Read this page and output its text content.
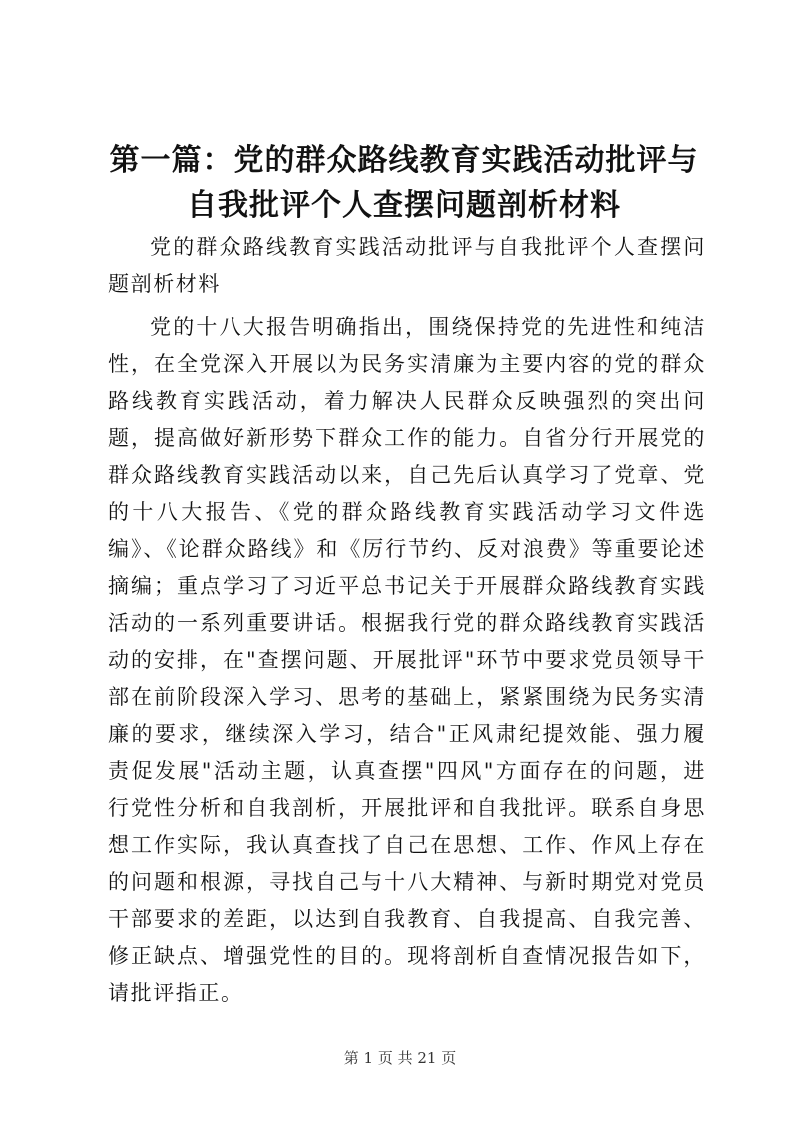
第一篇：党的群众路线教育实践活动批评与自我批评个人查摆问题剖析材料

党的群众路线教育实践活动批评与自我批评个人查摆问题剖析材料

党的十八大报告明确指出，围绕保持党的先进性和纯洁性，在全党深入开展以为民务实清廉为主要内容的党的群众路线教育实践活动，着力解决人民群众反映强烈的突出问题，提高做好新形势下群众工作的能力。自省分行开展党的群众路线教育实践活动以来，自己先后认真学习了党章、党的十八大报告、《党的群众路线教育实践活动学习文件选编》、《论群众路线》和《厉行节约、反对浪费》等重要论述摘编；重点学习了习近平总书记关于开展群众路线教育实践活动的一系列重要讲话。根据我行党的群众路线教育实践活动的安排，在"查摆问题、开展批评"环节中要求党员领导干部在前阶段深入学习、思考的基础上，紧紧围绕为民务实清廉的要求，继续深入学习，结合"正风肃纪提效能、强力履责促发展"活动主题，认真查摆"四风"方面存在的问题，进行党性分析和自我剖析，开展批评和自我批评。联系自身思想工作实际，我认真查找了自己在思想、工作、作风上存在的问题和根源，寻找自己与十八大精神、与新时期党对党员干部要求的差距，以达到自我教育、自我提高、自我完善、修正缺点、增强党性的目的。现将剖析自查情况报告如下，请批评指正。

第 1 页 共 21 页
